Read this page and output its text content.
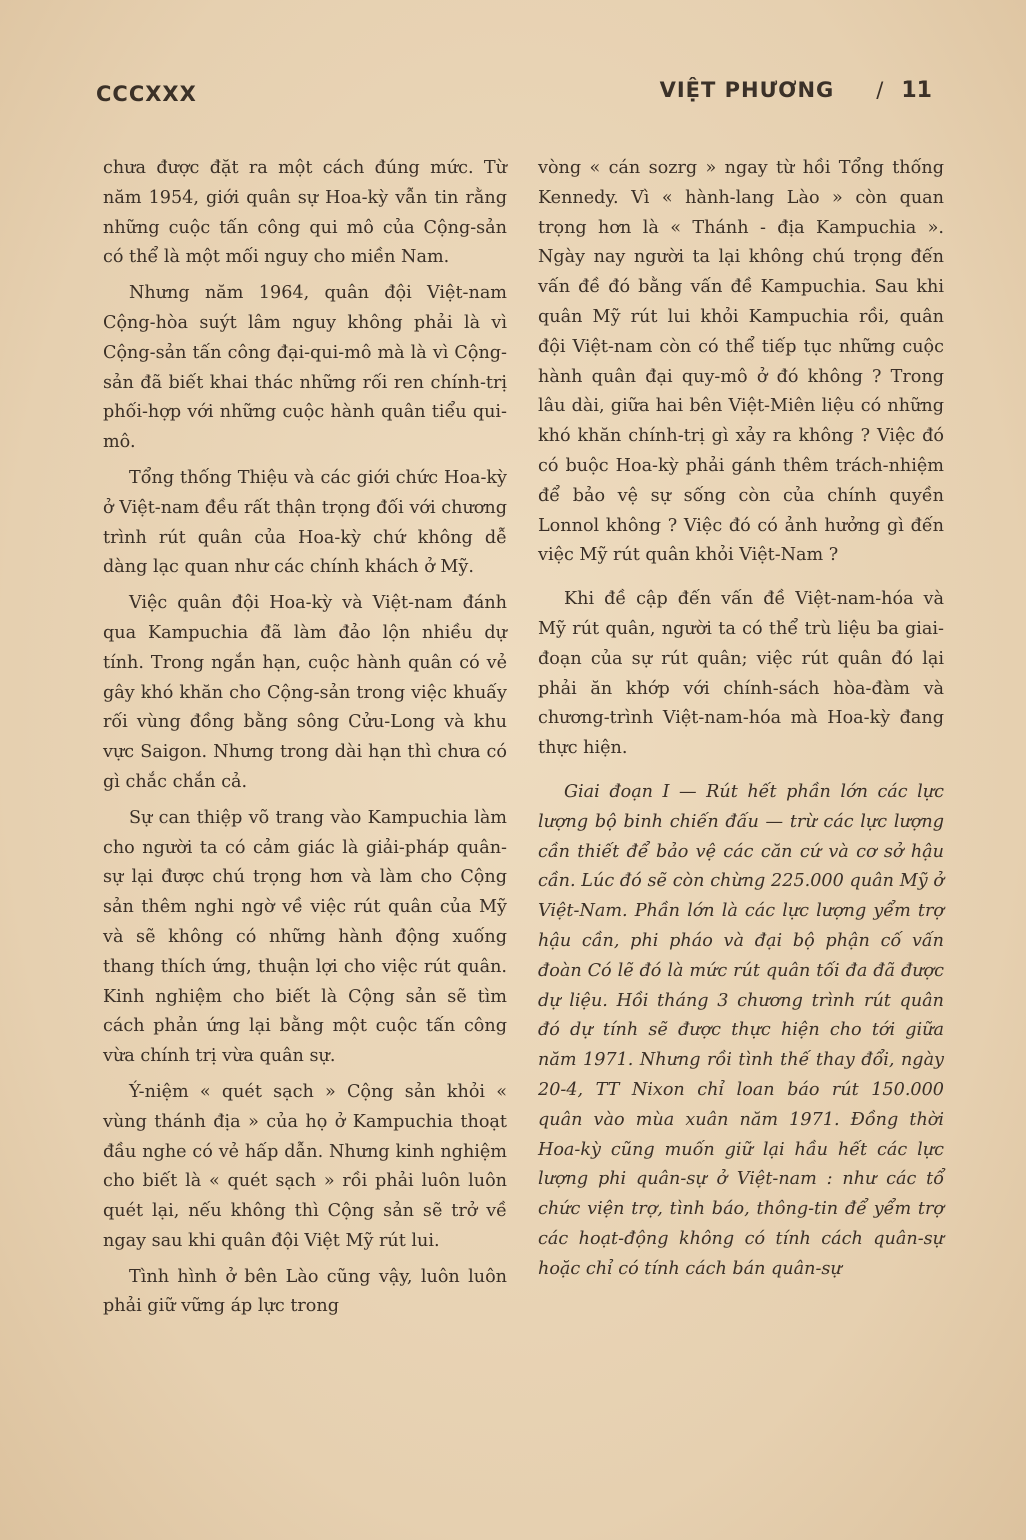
CCCXXX	VIỆT PHƯƠNG / 11

chưa được đặt ra một cách đúng mức. Từ năm 1954, giới quân sự Hoa-kỳ vẫn tin rằng những cuộc tấn công qui mô của Cộng-sản có thể là một mối nguy cho miền Nam.

Nhưng năm 1964, quân đội Việt-nam Cộng-hòa suýt lâm nguy không phải là vì Cộng-sản tấn công đại-qui-mô mà là vì Cộng-sản đã biết khai thác những rối ren chính-trị phối-hợp với những cuộc hành quân tiểu qui-mô.

Tổng thống Thiệu và các giới chức Hoa-kỳ ở Việt-nam đều rất thận trọng đối với chương trình rút quân của Hoa-kỳ chứ không dễ dàng lạc quan như các chính khách ở Mỹ.

Việc quân đội Hoa-kỳ và Việt-nam đánh qua Kampuchia đã làm đảo lộn nhiều dự tính. Trong ngắn hạn, cuộc hành quân có vẻ gây khó khăn cho Cộng-sản trong việc khuấy rối vùng đồng bằng sông Cửu-Long và khu vực Saigon. Nhưng trong dài hạn thì chưa có gì chắc chắn cả.

Sự can thiệp võ trang vào Kampuchia làm cho người ta có cảm giác là giải-pháp quân-sự lại được chú trọng hơn và làm cho Cộng sản thêm nghi ngờ về việc rút quân của Mỹ và sẽ không có những hành động xuống thang thích ứng, thuận lợi cho việc rút quân. Kinh nghiệm cho biết là Cộng sản sẽ tìm cách phản ứng lại bằng một cuộc tấn công vừa chính trị vừa quân sự.

Ý-niệm « quét sạch » Cộng sản khỏi « vùng thánh địa » của họ ở Kampuchia thoạt đầu nghe có vẻ hấp dẫn. Nhưng kinh nghiệm cho biết là « quét sạch » rồi phải luôn luôn quét lại, nếu không thì Cộng sản sẽ trở về ngay sau khi quân đội Việt Mỹ rút lui.

Tình hình ở bên Lào cũng vậy, luôn luôn phải giữ vững áp lực trong

vòng « cán sozrg » ngay từ hồi Tổng thống Kennedy. Vì « hành-lang Lào » còn quan trọng hơn là « Thánh - địa Kampuchia ». Ngày nay người ta lại không chú trọng đến vấn đề đó bằng vấn đề Kampuchia. Sau khi quân Mỹ rút lui khỏi Kampuchia rồi, quân đội Việt-nam còn có thể tiếp tục những cuộc hành quân đại quy-mô ở đó không ? Trong lâu dài, giữa hai bên Việt-Miên liệu có những khó khăn chính-trị gì xảy ra không ? Việc đó có buộc Hoa-kỳ phải gánh thêm trách-nhiệm để bảo vệ sự sống còn của chính quyền Lonnol không ? Việc đó có ảnh hưởng gì đến việc Mỹ rút quân khỏi Việt-Nam ?

Khi đề cập đến vấn đề Việt-nam-hóa và Mỹ rút quân, người ta có thể trù liệu ba giai-đoạn của sự rút quân; việc rút quân đó lại phải ăn khớp với chính-sách hòa-đàm và chương-trình Việt-nam-hóa mà Hoa-kỳ đang thực hiện.

Giai đoạn I — Rút hết phần lớn các lực lượng bộ binh chiến đấu — trừ các lực lượng cần thiết để bảo vệ các căn cứ và cơ sở hậu cần. Lúc đó sẽ còn chừng 225.000 quân Mỹ ở Việt-Nam. Phần lớn là các lực lượng yểm trợ hậu cần, phi pháo và đại bộ phận cố vấn đoàn Có lẽ đó là mức rút quân tối đa đã được dự liệu. Hồi tháng 3 chương trình rút quân đó dự tính sẽ được thực hiện cho tới giữa năm 1971. Nhưng rồi tình thế thay đổi, ngày 20-4, TT Nixon chỉ loan báo rút 150.000 quân vào mùa xuân năm 1971. Đồng thời Hoa-kỳ cũng muốn giữ lại hầu hết các lực lượng phi quân-sự ở Việt-nam : như các tổ chức viện trợ, tình báo, thông-tin để yểm trợ các hoạt-động không có tính cách quân-sự hoặc chỉ có tính cách bán quân-sự
